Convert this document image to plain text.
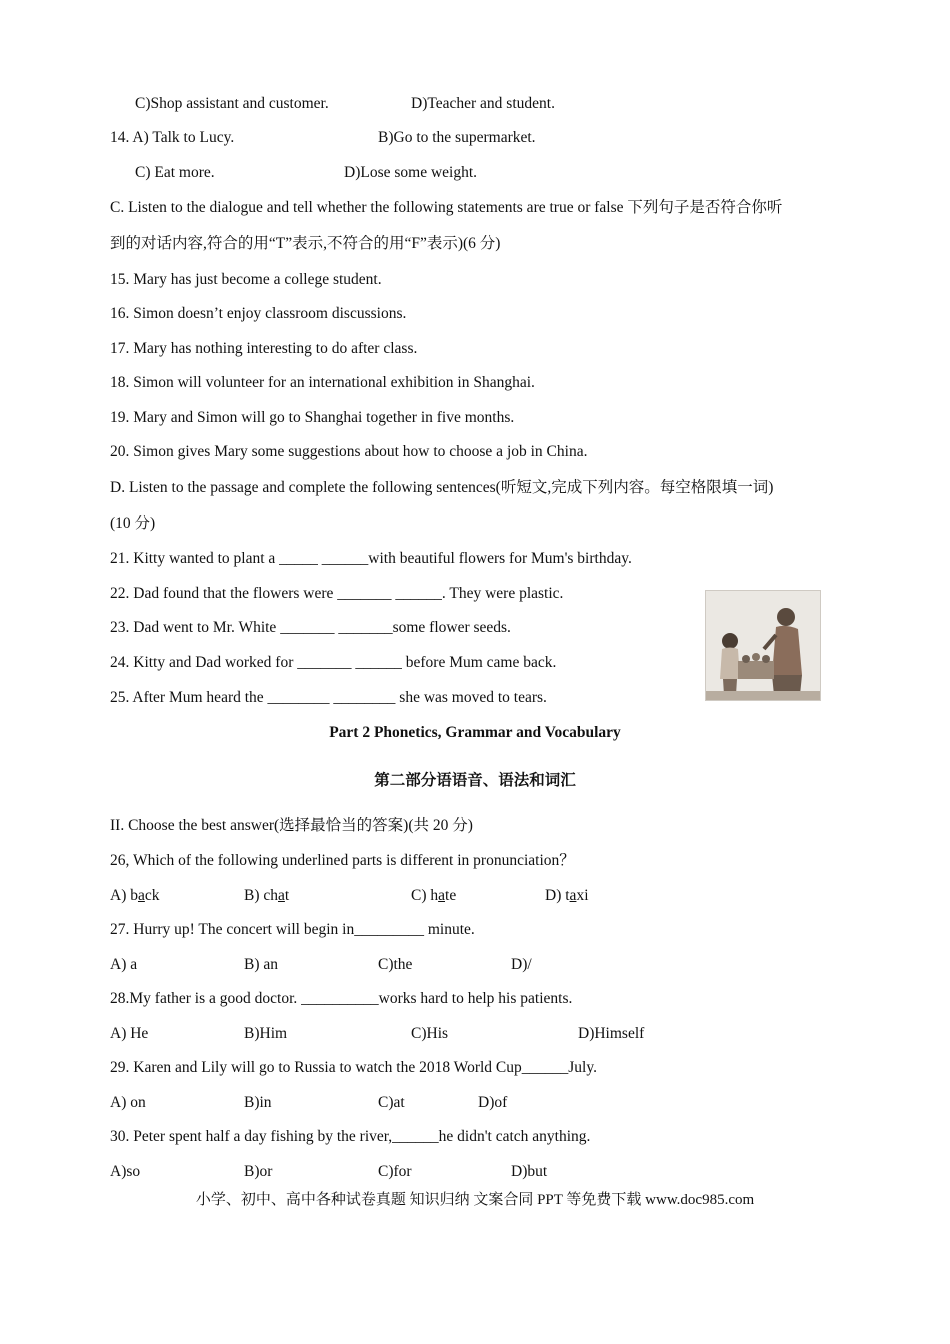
C)Shop assistant and customer.	D)Teacher and student.
14. A) Talk to Lucy.	B)Go to the supermarket.
C) Eat more.	D)Lose some weight.
C. Listen to the dialogue and tell whether the following statements are true or false 下列句子是否符合你听
到的对话内容,符合的用“T”表示,不符合的用“F”表示)(6 分)
15. Mary has just become a college student.
16. Simon doesn’t enjoy classroom discussions.
17. Mary has nothing interesting to do after class.
18. Simon will volunteer for an international exhibition in Shanghai.
19. Mary and Simon will go to Shanghai together in five months.
20. Simon gives Mary some suggestions about how to choose a job in China.
D. Listen to the passage and complete the following sentences(听短文,完成下列内容。每空格限填一词)
(10 分)
21. Kitty wanted to plant a _____ ______with beautiful flowers for Mum's birthday.
22. Dad found that the flowers were _______ ______. They were plastic.
23. Dad went to Mr. White _______ _______some flower seeds.
24. Kitty and Dad worked for _______ ______ before Mum came back.
25. After Mum heard the ________ ________ she was moved to tears.
Part 2 Phonetics, Grammar and Vocabulary
第二部分语语音、语法和词汇
II. Choose the best answer(选择最恰当的答案)(共 20 分)
26, Which of the following underlined parts is different in pronunciation？
A) back	B) chat	C) hate	D) taxi
27. Hurry up! The concert will begin in_________ minute.
A) a	B) an	C)the	D)/
28.My father is a good doctor. __________works hard to help his patients.
A) He	B)Him	C)His	D)Himself
29. Karen and Lily will go to Russia to watch the 2018 World Cup______July.
A) on	B)in	C)at	D)of
30. Peter spent half a day fishing by the river,______he didn't catch anything.
A)so	B)or	C)for	D)but
小学、初中、高中各种试卷真题 知识归纳 文案合同 PPT 等免费下载 www.doc985.com
